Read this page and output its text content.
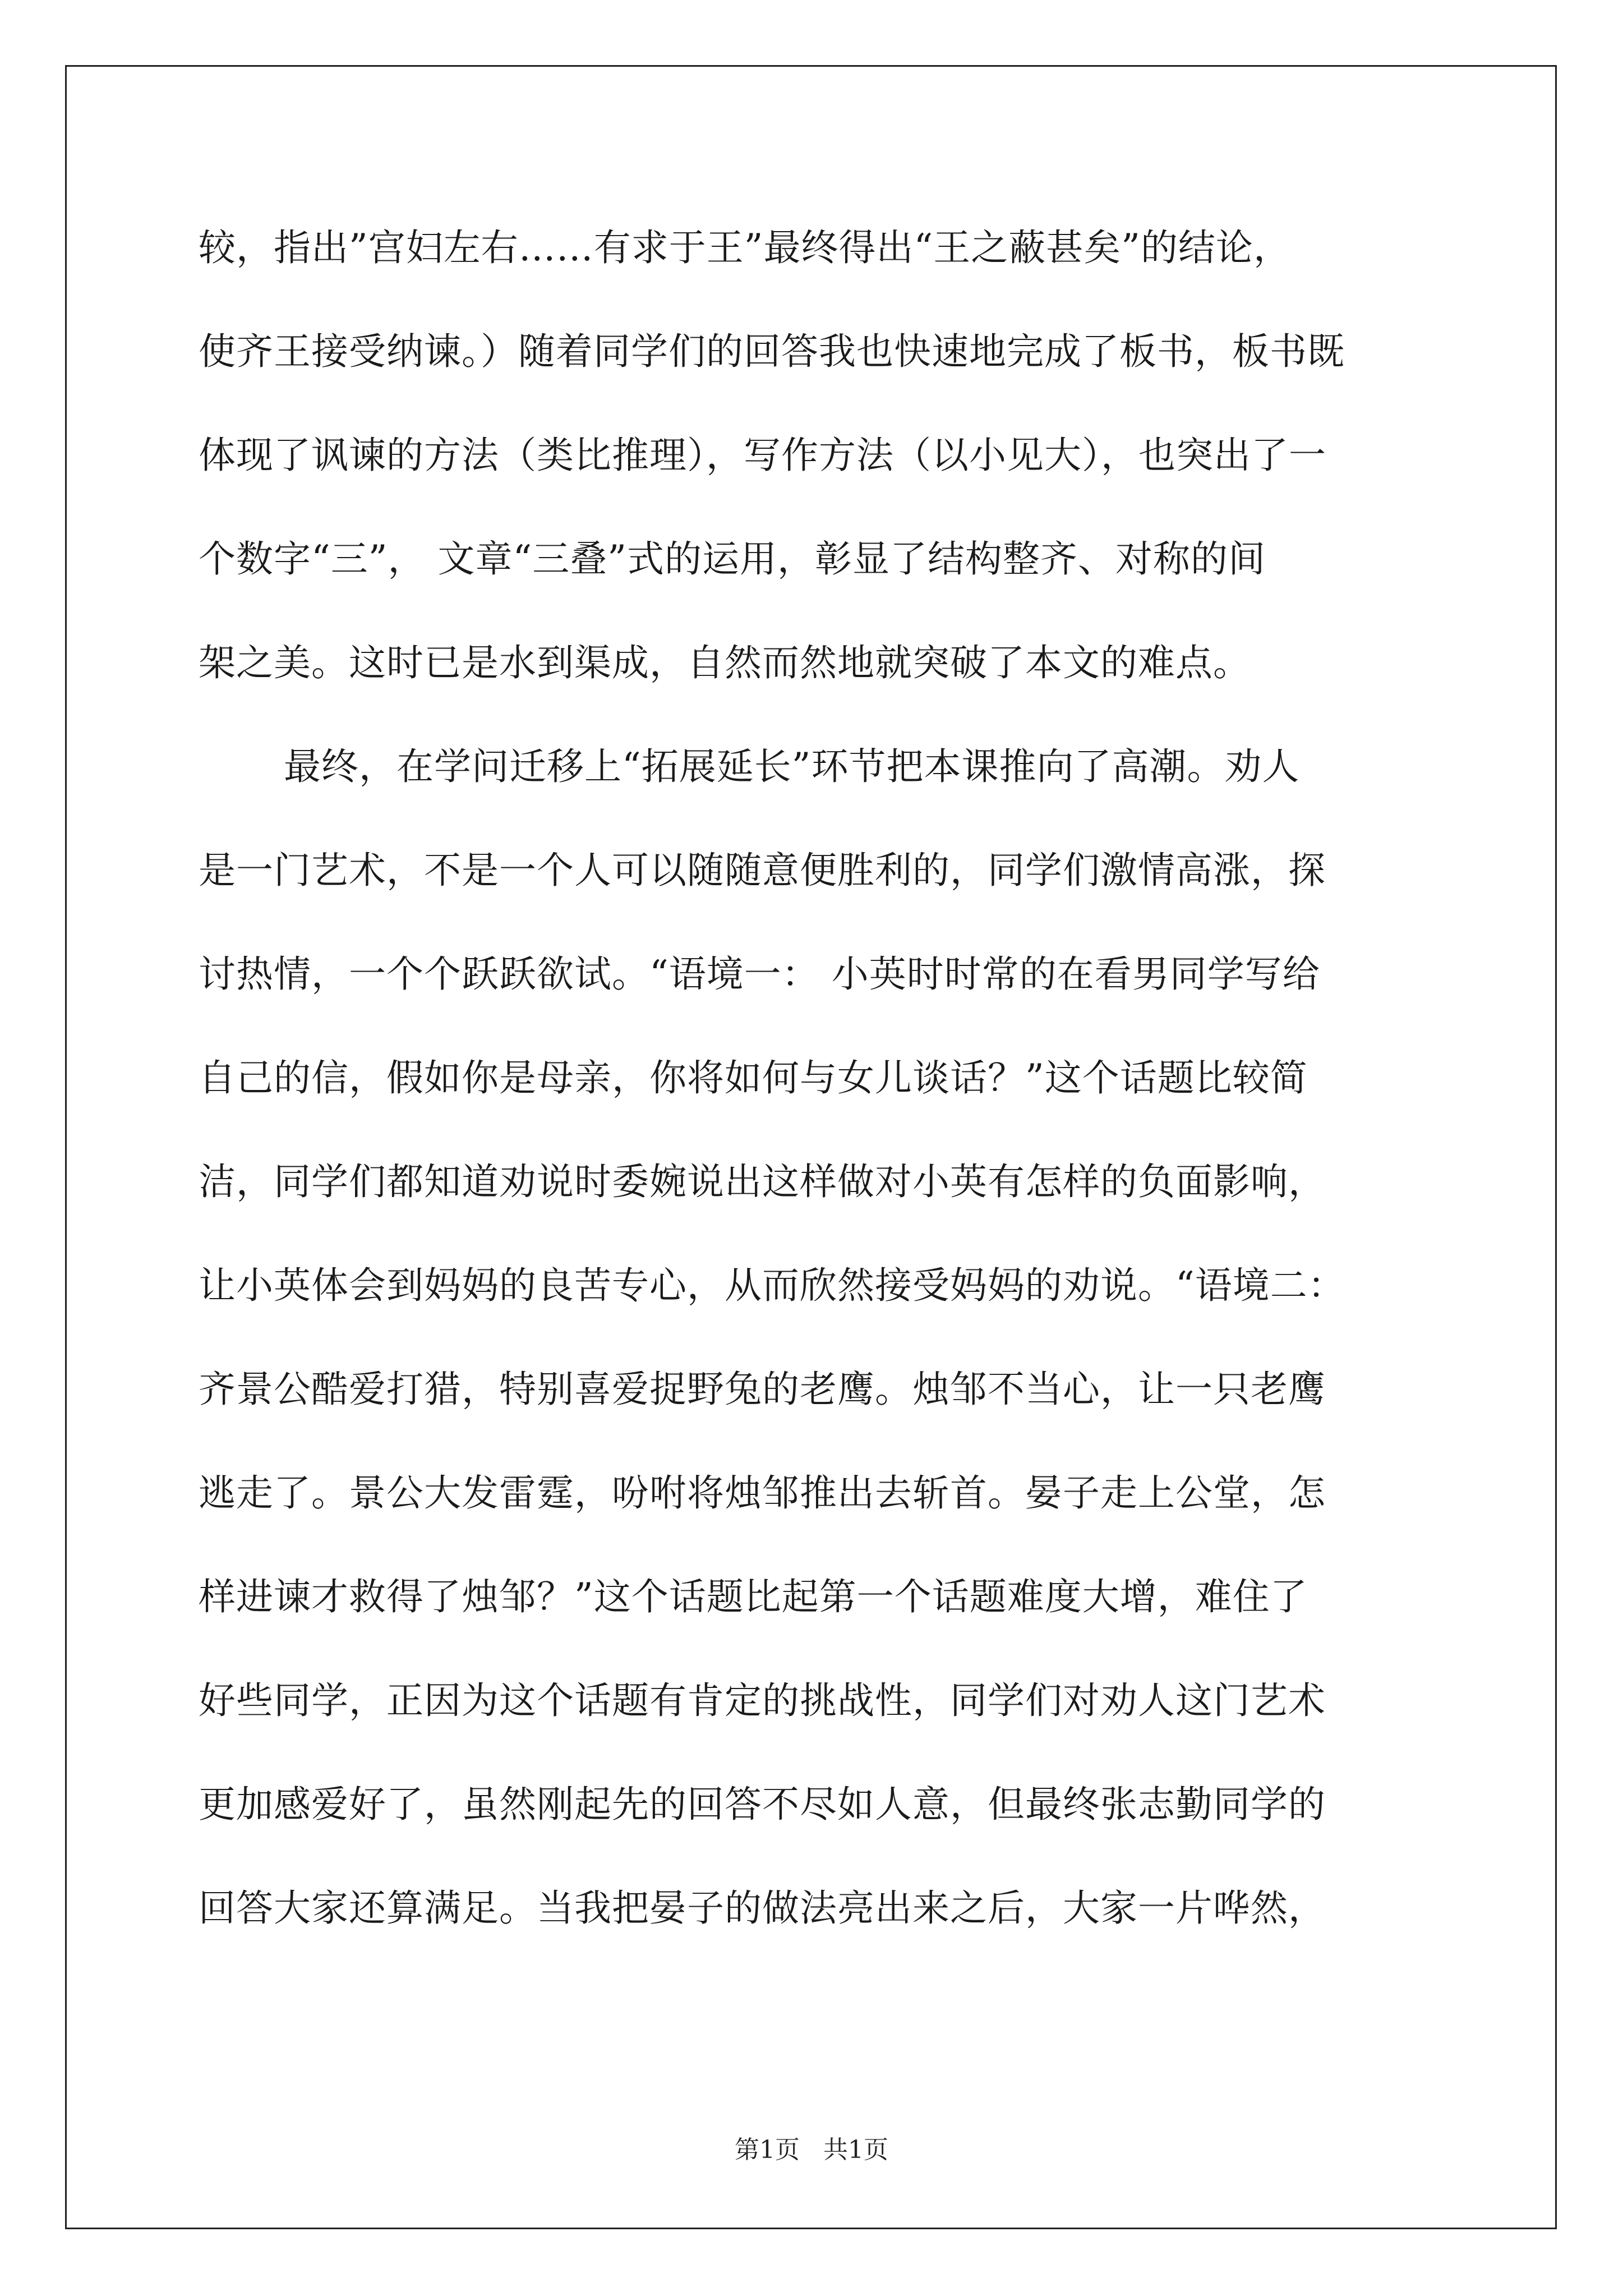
较，指出”宫妇左右……有求于王”最终得出“王之蔽甚矣”的结论，
使齐王接受纳谏。）随着同学们的回答我也快速地完成了板书，板书既
体现了讽谏的方法（类比推理），写作方法（以小见大），也突出了一
个数字“三”， 文章“三叠”式的运用，彰显了结构整齐、对称的间
架之美。这时已是水到渠成，自然而然地就突破了本文的难点。
最终，在学问迁移上“拓展延长”环节把本课推向了高潮。劝人
是一门艺术，不是一个人可以随随意便胜利的，同学们激情高涨，探
讨热情，一个个跃跃欲试。“语境一： 小英时时常的在看男同学写给
自己的信，假如你是母亲，你将如何与女儿谈话？”这个话题比较简
洁，同学们都知道劝说时委婉说出这样做对小英有怎样的负面影响，
让小英体会到妈妈的良苦专心，从而欣然接受妈妈的劝说。“语境二：
齐景公酷爱打猎，特别喜爱捉野兔的老鹰。烛邹不当心，让一只老鹰
逃走了。景公大发雷霆，吩咐将烛邹推出去斩首。晏子走上公堂，怎
样进谏才救得了烛邹？”这个话题比起第一个话题难度大增，难住了
好些同学，正因为这个话题有肯定的挑战性，同学们对劝人这门艺术
更加感爱好了，虽然刚起先的回答不尽如人意，但最终张志勤同学的
回答大家还算满足。当我把晏子的做法亮出来之后，大家一片哗然，
第1页   共1页
